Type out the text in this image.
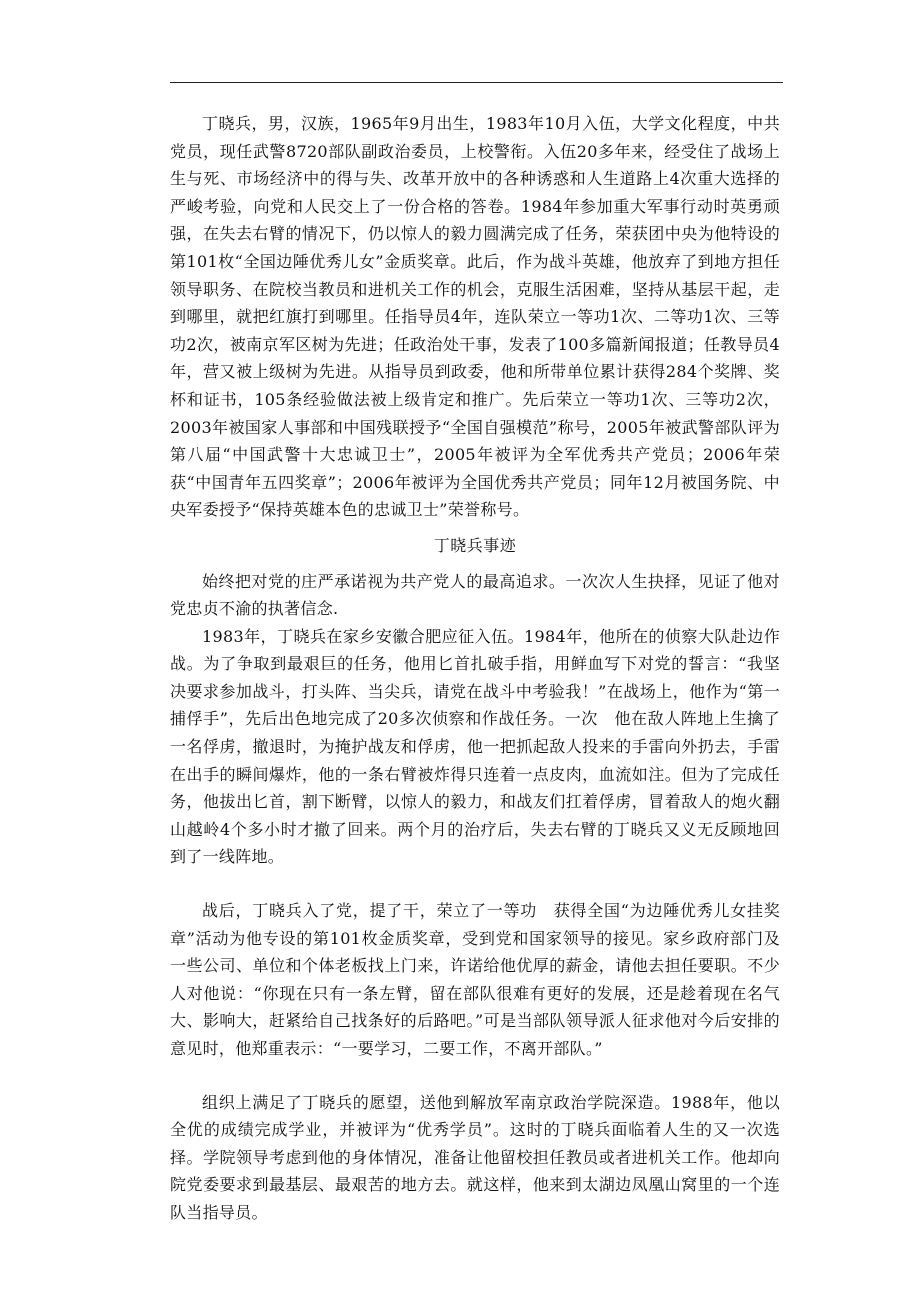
丁晓兵，男，汉族，1965年9月出生，1983年10月入伍，大学文化程度，中共党员，现任武警8720部队副政治委员，上校警衔。入伍20多年来，经受住了战场上生与死、市场经济中的得与失、改革开放中的各种诱惑和人生道路上4次重大选择的严峻考验，向党和人民交上了一份合格的答卷。1984年参加重大军事行动时英勇顽强，在失去右臂的情况下，仍以惊人的毅力圆满完成了任务，荣获团中央为他特设的第101枚“全国边陲优秀儿女”金质奖章。此后，作为战斗英雄，他放弃了到地方担任领导职务、在院校当教员和进机关工作的机会，克服生活困难，坚持从基层干起，走到哪里，就把红旗打到哪里。任指导员4年，连队荣立一等功1次、二等功1次、三等功2次，被南京军区树为先进；任政治处干事，发表了100多篇新闻报道；任教导员4年，营又被上级树为先进。从指导员到政委，他和所带单位累计获得284个奖牌、奖杯和证书，105条经验做法被上级肯定和推广。先后荣立一等功1次、三等功2次，2003年被国家人事部和中国残联授予“全国自强模范”称号，2005年被武警部队评为第八届“中国武警十大忠诚卫士”，2005年被评为全军优秀共产党员；2006年荣获“中国青年五四奖章”；2006年被评为全国优秀共产党员；同年12月被国务院、中央军委授予“保持英雄本色的忠诚卫士”荣誉称号。

丁晓兵事迹

始终把对党的庄严承诺视为共产党人的最高追求。一次次人生抉择，见证了他对党忠贞不渝的执著信念.

1983年，丁晓兵在家乡安徽合肥应征入伍。1984年，他所在的侦察大队赴边作战。为了争取到最艰巨的任务，他用匕首扎破手指，用鲜血写下对党的誓言：“我坚决要求参加战斗，打头阵、当尖兵，请党在战斗中考验我！”在战场上，他作为“第一捕俘手”，先后出色地完成了20多次侦察和作战任务。一次　他在敌人阵地上生擒了一名俘虏，撤退时，为掩护战友和俘虏，他一把抓起敌人投来的手雷向外扔去，手雷在出手的瞬间爆炸，他的一条右臂被炸得只连着一点皮肉，血流如注。但为了完成任务，他拔出匕首，割下断臂，以惊人的毅力，和战友们扛着俘虏，冒着敌人的炮火翻山越岭4个多小时才撤了回来。两个月的治疗后，失去右臂的丁晓兵又义无反顾地回到了一线阵地。

战后，丁晓兵入了党，提了干，荣立了一等功　获得全国“为边陲优秀儿女挂奖章”活动为他专设的第101枚金质奖章，受到党和国家领导的接见。家乡政府部门及一些公司、单位和个体老板找上门来，许诺给他优厚的薪金，请他去担任要职。不少人对他说：“你现在只有一条左臂，留在部队很难有更好的发展，还是趁着现在名气大、影响大，赶紧给自己找条好的后路吧。”可是当部队领导派人征求他对今后安排的意见时，他郑重表示：“一要学习，二要工作，不离开部队。”

组织上满足了丁晓兵的愿望，送他到解放军南京政治学院深造。1988年，他以全优的成绩完成学业，并被评为“优秀学员”。这时的丁晓兵面临着人生的又一次选择。学院领导考虑到他的身体情况，准备让他留校担任教员或者进机关工作。他却向院党委要求到最基层、最艰苦的地方去。就这样，他来到太湖边凤凰山窝里的一个连队当指导员。
